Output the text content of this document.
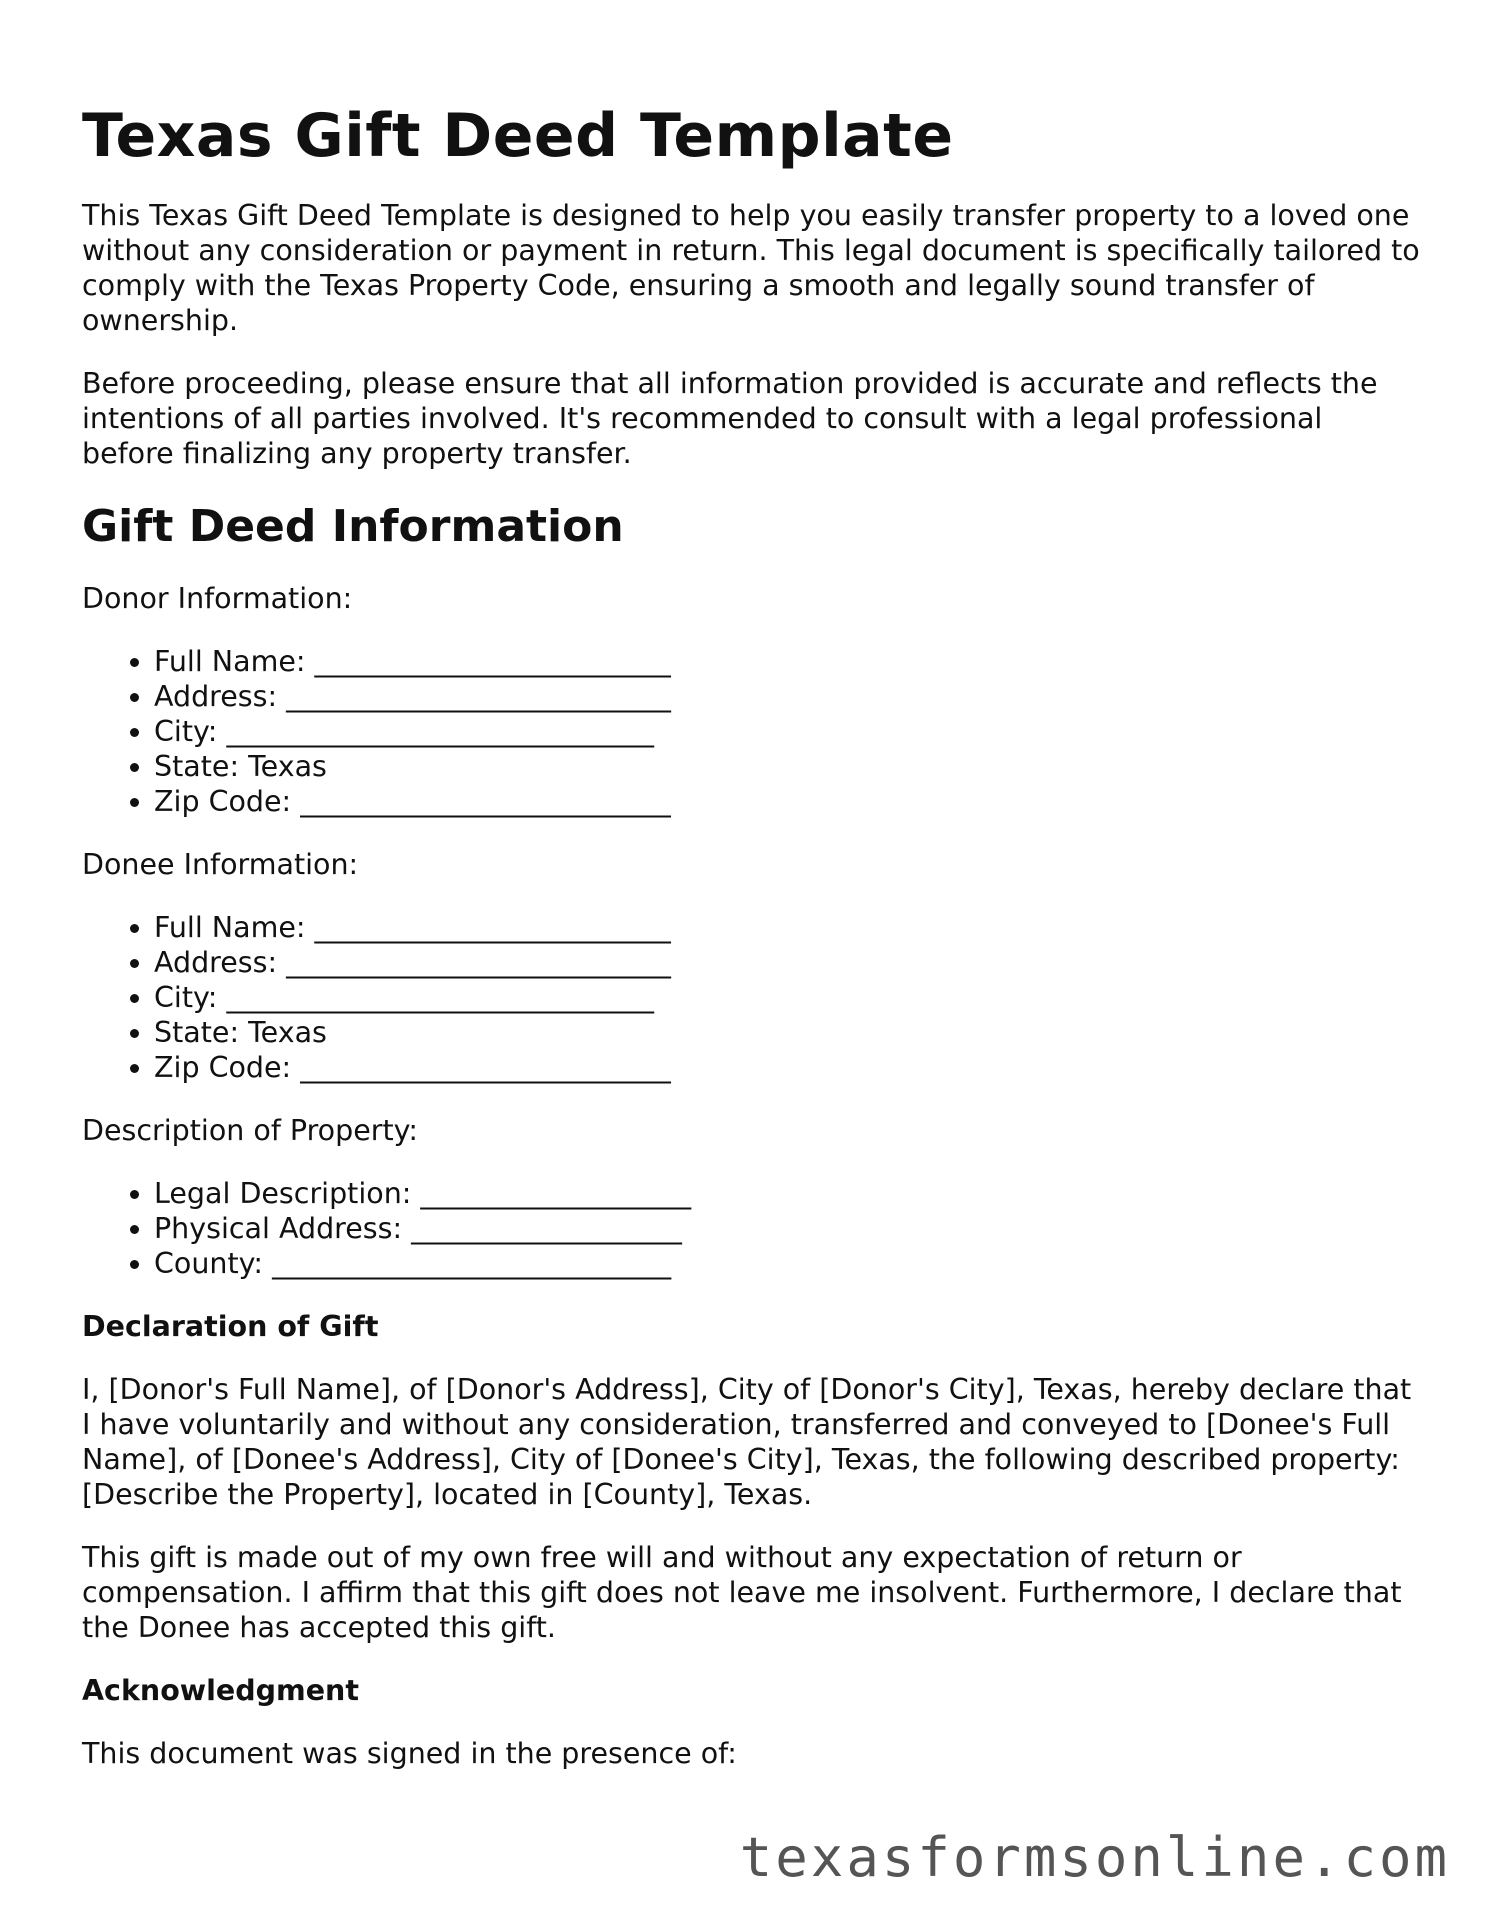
Texas Gift Deed Template

This Texas Gift Deed Template is designed to help you easily transfer property to a loved one without any consideration or payment in return. This legal document is specifically tailored to comply with the Texas Property Code, ensuring a smooth and legally sound transfer of ownership.

Before proceeding, please ensure that all information provided is accurate and reflects the intentions of all parties involved. It's recommended to consult with a legal professional before finalizing any property transfer.

Gift Deed Information

Donor Information:

• Full Name: _________________________
• Address: ___________________________
• City: ______________________________
• State: Texas
• Zip Code: __________________________

Donee Information:

• Full Name: _________________________
• Address: ___________________________
• City: ______________________________
• State: Texas
• Zip Code: __________________________

Description of Property:

• Legal Description: ___________________
• Physical Address: ___________________
• County: ____________________________

Declaration of Gift

I, [Donor's Full Name], of [Donor's Address], City of [Donor's City], Texas, hereby declare that I have voluntarily and without any consideration, transferred and conveyed to [Donee's Full Name], of [Donee's Address], City of [Donee's City], Texas, the following described property: [Describe the Property], located in [County], Texas.

This gift is made out of my own free will and without any expectation of return or compensation. I affirm that this gift does not leave me insolvent. Furthermore, I declare that the Donee has accepted this gift.

Acknowledgment

This document was signed in the presence of:

texasformsonline.com
